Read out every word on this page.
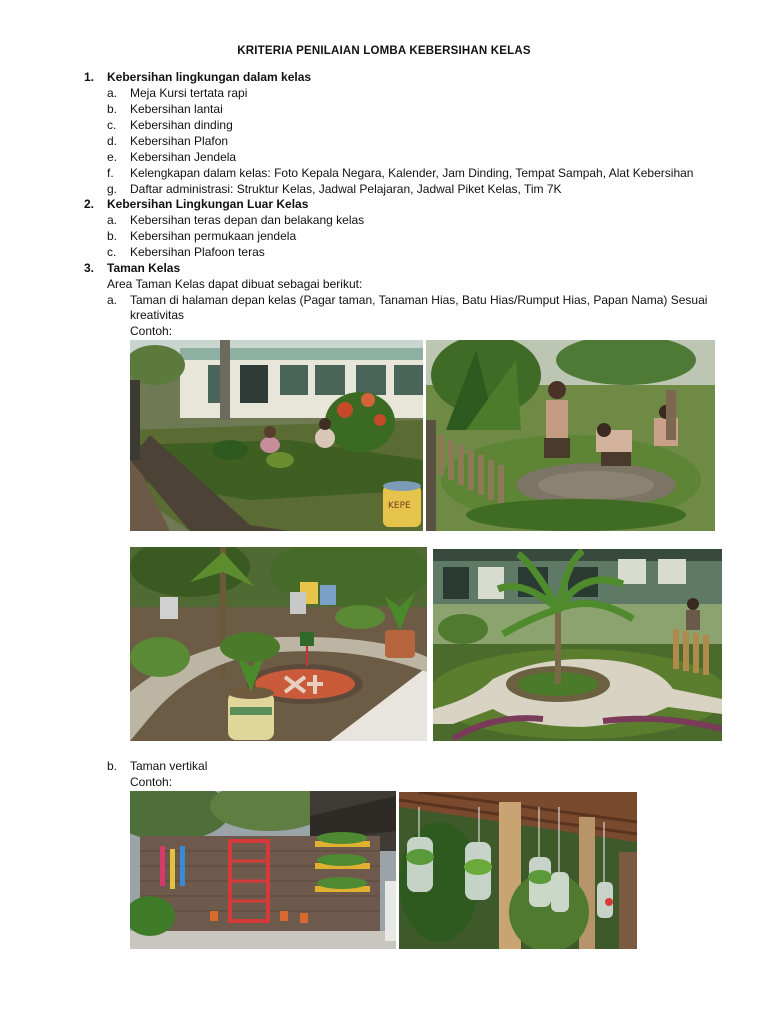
KRITERIA PENILAIAN LOMBA KEBERSIHAN KELAS
1. Kebersihan lingkungan dalam kelas
a. Meja Kursi tertata rapi
b. Kebersihan lantai
c. Kebersihan dinding
d. Kebersihan Plafon
e. Kebersihan Jendela
f. Kelengkapan dalam kelas: Foto Kepala Negara, Kalender, Jam Dinding, Tempat Sampah, Alat Kebersihan
g. Daftar administrasi: Struktur Kelas, Jadwal Pelajaran, Jadwal Piket Kelas, Tim 7K
2. Kebersihan Lingkungan Luar Kelas
a. Kebersihan teras depan dan belakang kelas
b. Kebersihan permukaan jendela
c. Kebersihan Plafoon teras
3. Taman Kelas
Area Taman Kelas dapat dibuat sebagai berikut:
a. Taman di halaman depan kelas (Pagar taman, Tanaman Hias, Batu Hias/Rumput Hias, Papan Nama) Sesuai
kreativitas
Contoh:
KEPE
b. Taman vertikal
Contoh:
